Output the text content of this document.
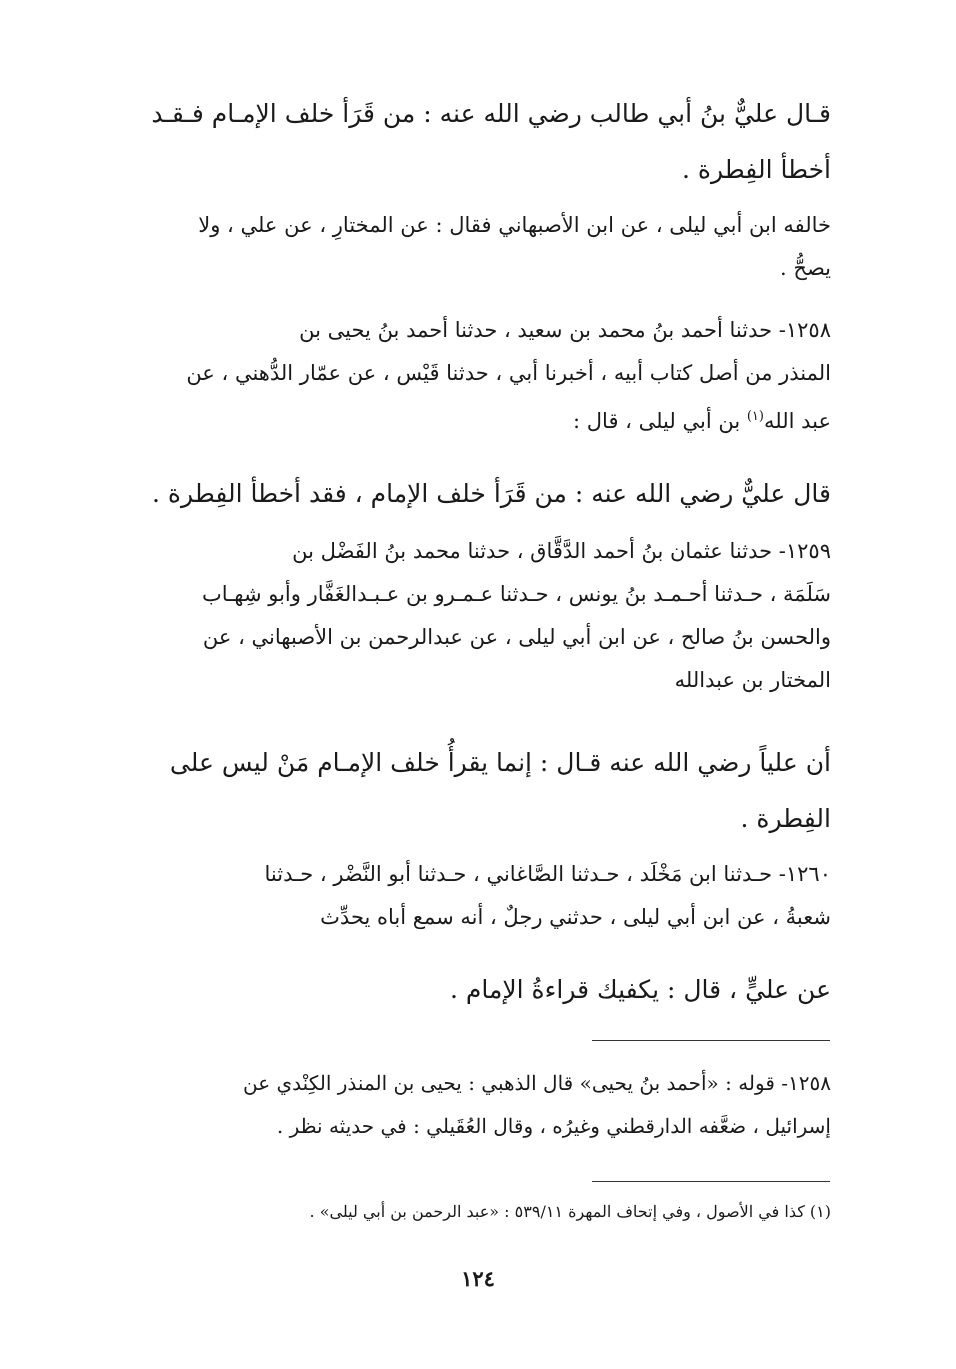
قـال عليٌّ بنُ أبي طالب رضي الله عنه : من قَرَأ خلف الإمـام فـقـد
أخطأ الفِطرة .
خالفه ابن أبي ليلى ، عن ابن الأصبهاني فقال : عن المختارِ ، عن علي ، ولا
يصحُّ .
١٢٥٨- حدثنا أحمد بنُ محمد بن سعيد ، حدثنا أحمد بنُ يحيى بن
المنذر من أصل كتاب أبيه ، أخبرنا أبي ، حدثنا قَيْس ، عن عمّار الدُّهني ، عن
عبد الله$^{(١)}$ بن أبي ليلى ، قال :
قال عليٌّ رضي الله عنه : من قَرَأ خلف الإمام ، فقد أخطأ الفِطرة .
١٢٥٩- حدثنا عثمان بنُ أحمد الدَّقَّاق ، حدثنا محمد بنُ الفَضْل بن
سَلَمَة ، حـدثنا أحـمـد بنُ يونس ، حـدثنا عـمـرو بن عـبـدالغَفَّار وأبو شِهـاب
والحسن بنُ صالح ، عن ابن أبي ليلى ، عن عبدالرحمن بن الأصبهاني ، عن
المختار بن عبدالله
أن علياً رضي الله عنه قـال : إنما يقرأُ خلف الإمـام مَنْ ليس على
الفِطرة .
١٢٦٠- حـدثنا ابن مَخْلَد ، حـدثنا الصَّاغاني ، حـدثنا أبو النَّضْر ، حـدثنا
شعبةُ ، عن ابن أبي ليلى ، حدثني رجلٌ ، أنه سمع أباه يحدِّث
عن عليٍّ ، قال : يكفيك قراءةُ الإمام .
١٢٥٨- قوله : «أحمد بنُ يحيى» قال الذهبي : يحيى بن المنذر الكِنْدي عن
إسرائيل ، ضعَّفه الدارقطني وغيرُه ، وقال العُقَيلي : في حديثه نظر .
(١) كذا في الأصول ، وفي إتحاف المهرة ٥٣٩/١١ : «عبد الرحمن بن أبي ليلى» .
١٢٤
